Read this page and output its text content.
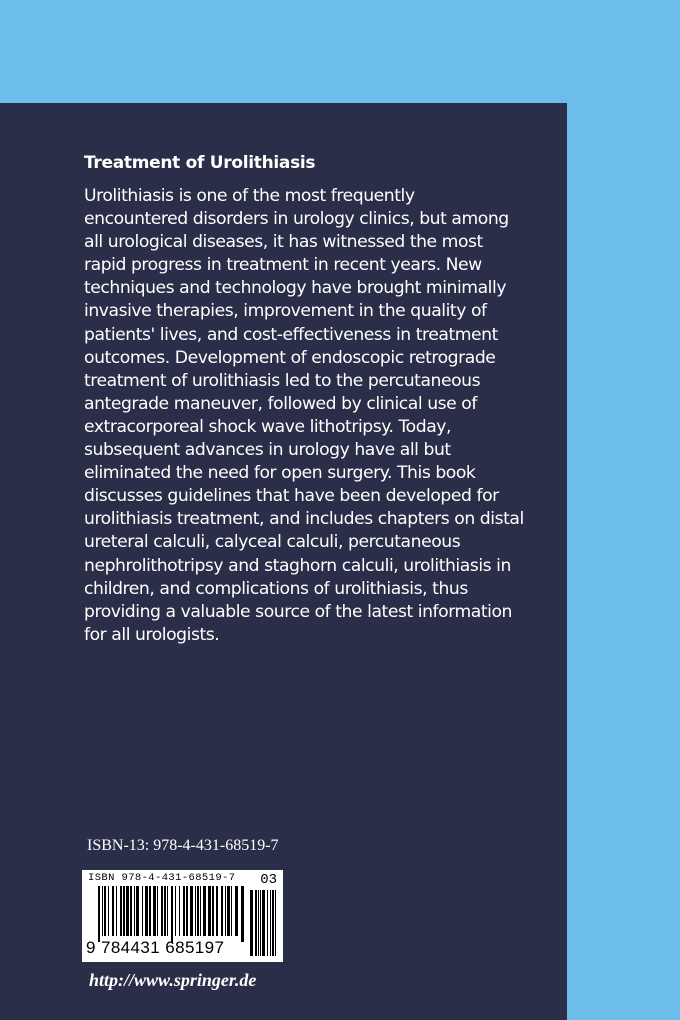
Treatment of Urolithiasis
Urolithiasis is one of the most frequently
encountered disorders in urology clinics, but among
all urological diseases, it has witnessed the most
rapid progress in treatment in recent years. New
techniques and technology have brought minimally
invasive therapies, improvement in the quality of
patients' lives, and cost-effectiveness in treatment
outcomes. Development of endoscopic retrograde
treatment of urolithiasis led to the percutaneous
antegrade maneuver, followed by clinical use of
extracorporeal shock wave lithotripsy. Today,
subsequent advances in urology have all but
eliminated the need for open surgery. This book
discusses guidelines that have been developed for
urolithiasis treatment, and includes chapters on distal
ureteral calculi, calyceal calculi, percutaneous
nephrolithotripsy and staghorn calculi, urolithiasis in
children, and complications of urolithiasis, thus
providing a valuable source of the latest information
for all urologists.
ISBN-13: 978-4-431-68519-7
ISBN 978-4-431-68519-7 03
9 784431 685197
http://www.springer.de
